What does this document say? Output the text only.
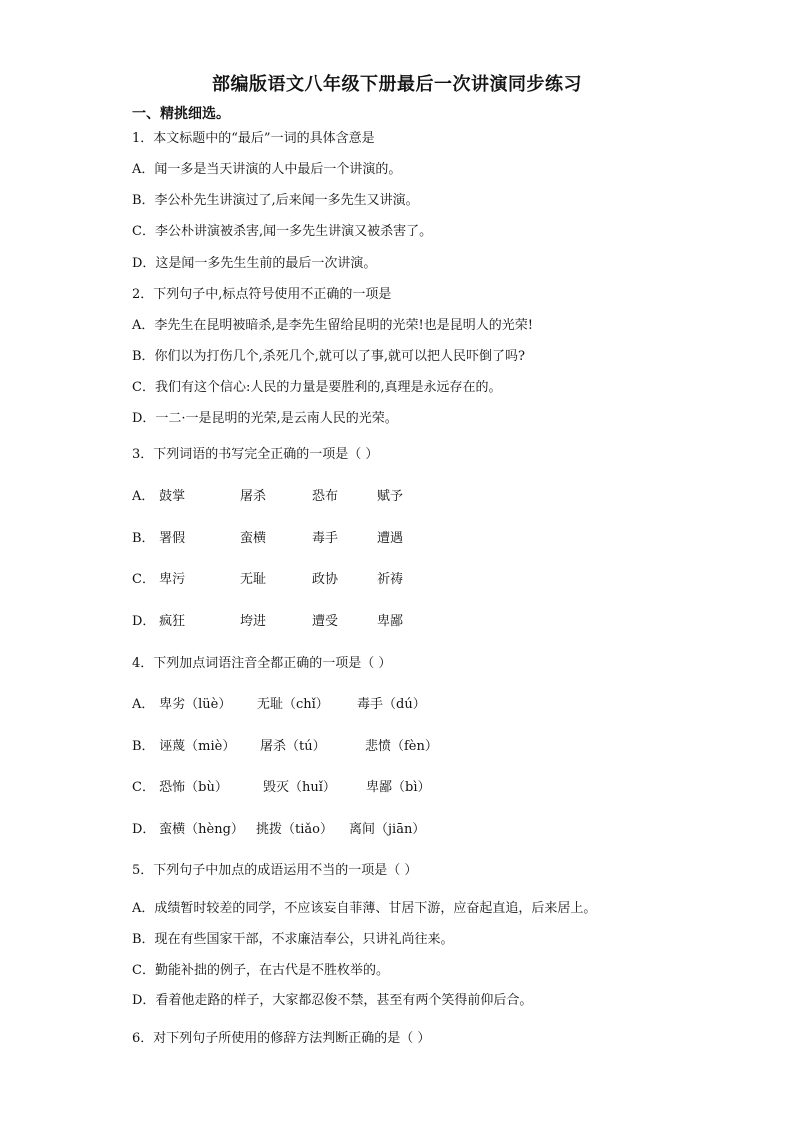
部编版语文八年级下册最后一次讲演同步练习
一、精挑细选。
1．本文标题中的“最后”一词的具体含意是
A．闻一多是当天讲演的人中最后一个讲演的。
B．李公朴先生讲演过了,后来闻一多先生又讲演。
C．李公朴讲演被杀害,闻一多先生讲演又被杀害了。
D．这是闻一多先生生前的最后一次讲演。
2．下列句子中,标点符号使用不正确的一项是
A．李先生在昆明被暗杀,是李先生留给昆明的光荣!也是昆明人的光荣!
B．你们以为打伤几个,杀死几个,就可以了事,就可以把人民吓倒了吗?
C．我们有这个信心:人民的力量是要胜利的,真理是永远存在的。
D．一二·一是昆明的光荣,是云南人民的光荣。
3．下列词语的书写完全正确的一项是（ ）
A． 鼓掌	屠杀	恐布	赋予
B． 署假	蛮横	毒手	遭遇
C． 卑污	无耻	政协	祈祷
D． 疯狂	垮进	遭受	卑鄙
4．下列加点词语注音全都正确的一项是（ ）
A． 卑劣（lüè） 无耻（chǐ） 毒手（dú）
B． 诬蔑（miè） 屠杀（tú）	悲愤（fèn）
C． 恐怖（bù）	毁灭（huǐ） 卑鄙（bì）
D． 蛮横（hèng） 挑拨（tiǎo） 离间（jiān）
5．下列句子中加点的成语运用不当的一项是（ ）
A．成绩暂时较差的同学，不应该妄自菲薄、甘居下游，应奋起直追，后来居上。
B．现在有些国家干部，不求廉洁奉公，只讲礼尚往来。
C．勤能补拙的例子，在古代是不胜枚举的。
D．看着他走路的样子，大家都忍俊不禁，甚至有两个笑得前仰后合。
6．对下列句子所使用的修辞方法判断正确的是（ ）
